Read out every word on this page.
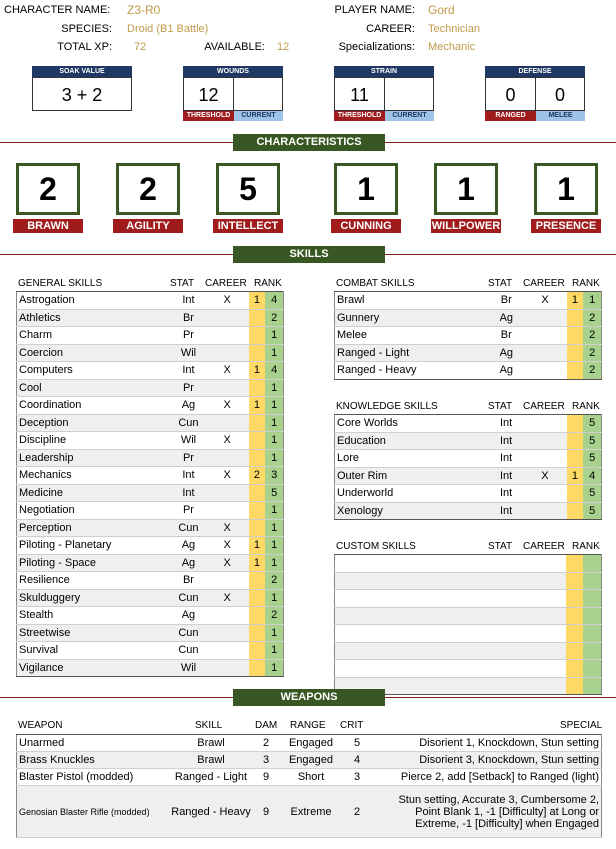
CHARACTER NAME:	Z3-R0	PLAYER NAME: Gord
SPECIES: Droid (B1 Battle)	CAREER: Technician
TOTAL XP: 72	AVAILABLE: 12	Specializations: Mechanic
SOAK VALUE
3 + 2
WOUNDS
12
THRESHOLD	CURRENT
STRAIN
11
THRESHOLD	CURRENT
DEFENSE
0	0
RANGED	MELEE
CHARACTERISTICS
2
BRAWN
2
AGILITY
5
INTELLECT
1
CUNNING
1
WILLPOWER
1
PRESENCE
SKILLS
GENERAL SKILLS	STAT CAREER RANK
Astrogation	Int	X	1	4
Athletics	Br			2
Charm	Pr			1
Coercion	Wil			1
Computers	Int	X	1	4
Cool	Pr			1
Coordination	Ag	X	1	1
Deception	Cun			1
Discipline	Wil	X		1
Leadership	Pr			1
Mechanics	Int	X	2	3
Medicine	Int			5
Negotiation	Pr			1
Perception	Cun	X		1
Piloting - Planetary	Ag	X	1	1
Piloting - Space	Ag	X	1	1
Resilience	Br			2
Skulduggery	Cun	X		1
Stealth	Ag			2
Streetwise	Cun			1
Survival	Cun			1
Vigilance	Wil			1
COMBAT SKILLS	STAT CAREER RANK
Brawl	Br	X	1	1
Gunnery	Ag			2
Melee	Br			2
Ranged - Light	Ag			2
Ranged - Heavy	Ag			2
KNOWLEDGE SKILLS	STAT CAREER RANK
Core Worlds	Int			5
Education	Int			5
Lore	Int			5
Outer Rim	Int	X	1	4
Underworld	Int			5
Xenology	Int			5
CUSTOM SKILLS	STAT CAREER RANK

WEAPONS
WEAPON	SKILL	DAM RANGE CRIT	SPECIAL
Unarmed	Brawl	2	Engaged	5	Disorient 1, Knockdown, Stun setting

Brass Knuckles	Brawl	3	Engaged	4	Disorient 3, Knockdown, Stun setting

Blaster Pistol (modded)	Ranged - Light	9	Short	3	Pierce 2, add [Setback] to Ranged (light)

Genosian Blaster Rifle (modded)	Ranged - Heavy	9	Extreme	2	Stun setting, Accurate 3, Cumbersome 2,
Point Blank 1, -1 [Difficulty] at Long or
Extreme, -1 [Difficulty] when Engaged
